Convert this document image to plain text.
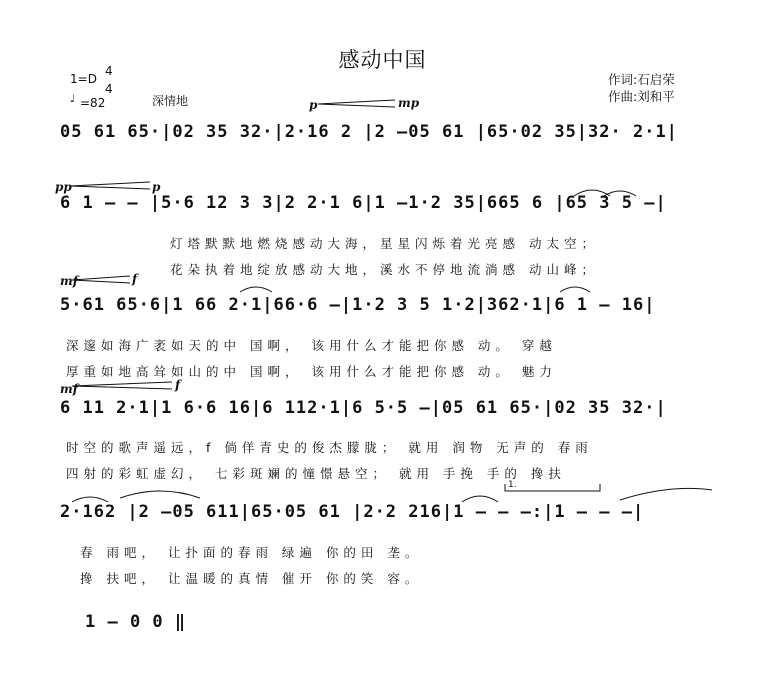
感动中国
作词:石启荣
作曲:刘和平
1=D
4
4
♩ =82	深情地	p	mp
pp	p
mf	f
mf	f
1.
05 61 65·|02 35 32·|2·16 2 |2 –05 61 |65·02 35|32· 2·1|
6 1 – – |5·6 12 3 3|2 2·1 6|1 –1·2 35|665 6 |65 3 5 –|
5·61 65·6|1 66 2·1|66·6 –|1·2 3 5 1·2|362·1|6 1 – 16|
6 11 2·1|1 6·6 16|6 112·1|6 5·5 –|05 61 65·|02 35 32·|
2·162 |2 –05 611|65·05 61 |2·2 216|1 – – –:|1 – – –|
1 – 0 0 ‖
灯塔默默地燃烧感动大海，星星闪烁着光亮感 动太空；
花朵执着地绽放感动大地，溪水不停地流淌感 动山峰；
深邃如海广袤如天的中 国啊， 该用什么才能把你感 动。 穿越
厚重如地高耸如山的中 国啊， 该用什么才能把你感 动。 魅力
时空的歌声遥远，f 倘佯青史的俊杰朦胧； 就用 润物 无声的 春雨
四射的彩虹虚幻， 七彩斑斓的憧憬悬空； 就用 手挽 手的 搀扶
春 雨吧， 让扑面的春雨 绿遍 你的田 垄。
搀 扶吧， 让温暖的真情 催开 你的笑 容。
